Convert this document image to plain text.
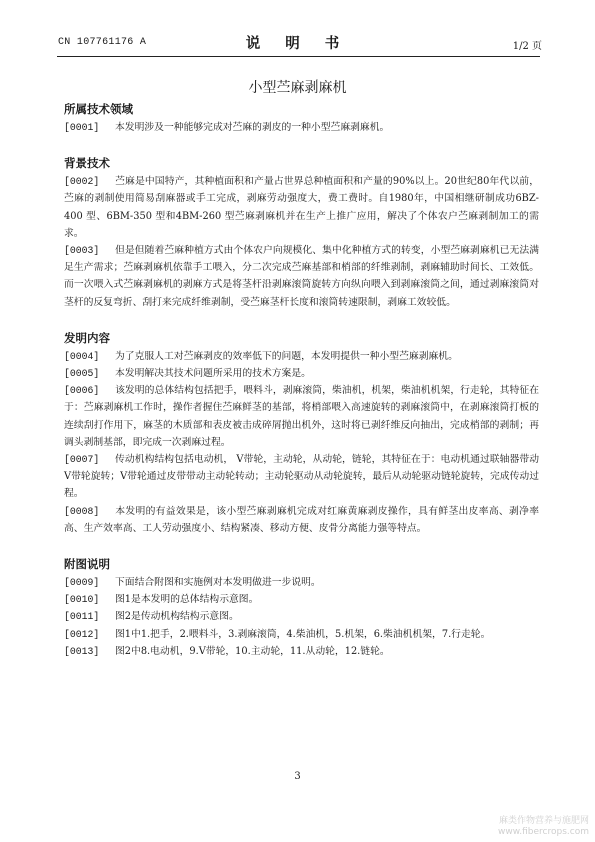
CN 107761176 A	说 明 书	1/2 页
小型苎麻剥麻机
所属技术领域
[0001] 本发明涉及一种能够完成对苎麻的剥皮的一种小型苎麻剥麻机。
背景技术
[0002] 苎麻是中国特产，其种植面积和产量占世界总种植面积和产量的90%以上。20世纪80年代以前，苎麻的剥制使用简易刮麻器或手工完成，剥麻劳动强度大，费工费时。自1980年，中国相继研制成功6BZ-400 型、6BM-350 型和4BM-260 型苎麻剥麻机并在生产上推广应用，解决了个体农户苎麻剥制加工的需求。
[0003] 但是但随着苎麻种植方式由个体农户向规模化、集中化种植方式的转变，小型苎麻剥麻机已无法满足生产需求；苎麻剥麻机依靠手工喂入，分二次完成苎麻基部和梢部的纤维剥制，剥麻辅助时间长、工效低。而一次喂入式苎麻剥麻机的剥麻方式是将茎杆沿剥麻滚筒旋转方向纵向喂入到剥麻滚筒之间，通过剥麻滚筒对茎杆的反复弯折、刮打来完成纤维剥制，受苎麻茎杆长度和滚筒转速限制，剥麻工效较低。
发明内容
[0004] 为了克服人工对苎麻剥皮的效率低下的问题，本发明提供一种小型苎麻剥麻机。
[0005] 本发明解决其技术问题所采用的技术方案是。
[0006] 该发明的总体结构包括把手，喂料斗，剥麻滚筒，柴油机，机架，柴油机机架，行走轮，其特征在于：苎麻剥麻机工作时，操作者握住苎麻鲜茎的基部，将梢部喂入高速旋转的剥麻滚筒中，在剥麻滚筒打板的连续刮打作用下，麻茎的木质部和表皮被击成碎屑抛出机外，这时将已剥纤维反向抽出，完成梢部的剥制；再调头剥制基部，即完成一次剥麻过程。
[0007] 传动机构结构包括电动机， V带轮，主动轮，从动轮，链轮，其特征在于：电动机通过联轴器带动V带轮旋转；V带轮通过皮带带动主动轮转动；主动轮驱动从动轮旋转，最后从动轮驱动链轮旋转，完成传动过程。
[0008] 本发明的有益效果是，该小型苎麻剥麻机完成对红麻黄麻剥皮操作，具有鲜茎出皮率高、剥净率高、生产效率高、工人劳动强度小、结构紧凑、移动方便、皮骨分离能力强等特点。
附图说明
[0009] 下面结合附图和实施例对本发明做进一步说明。
[0010] 图1是本发明的总体结构示意图。
[0011] 图2是传动机构结构示意图。
[0012] 图1中1.把手，2.喂料斗，3.剥麻滚筒，4.柴油机，5.机架，6.柴油机机架，7.行走轮。
[0013] 图2中8.电动机，9.V带轮，10.主动轮，11.从动轮，12.链轮。
3
麻类作物营养与施肥网
www.fibercrops.com
